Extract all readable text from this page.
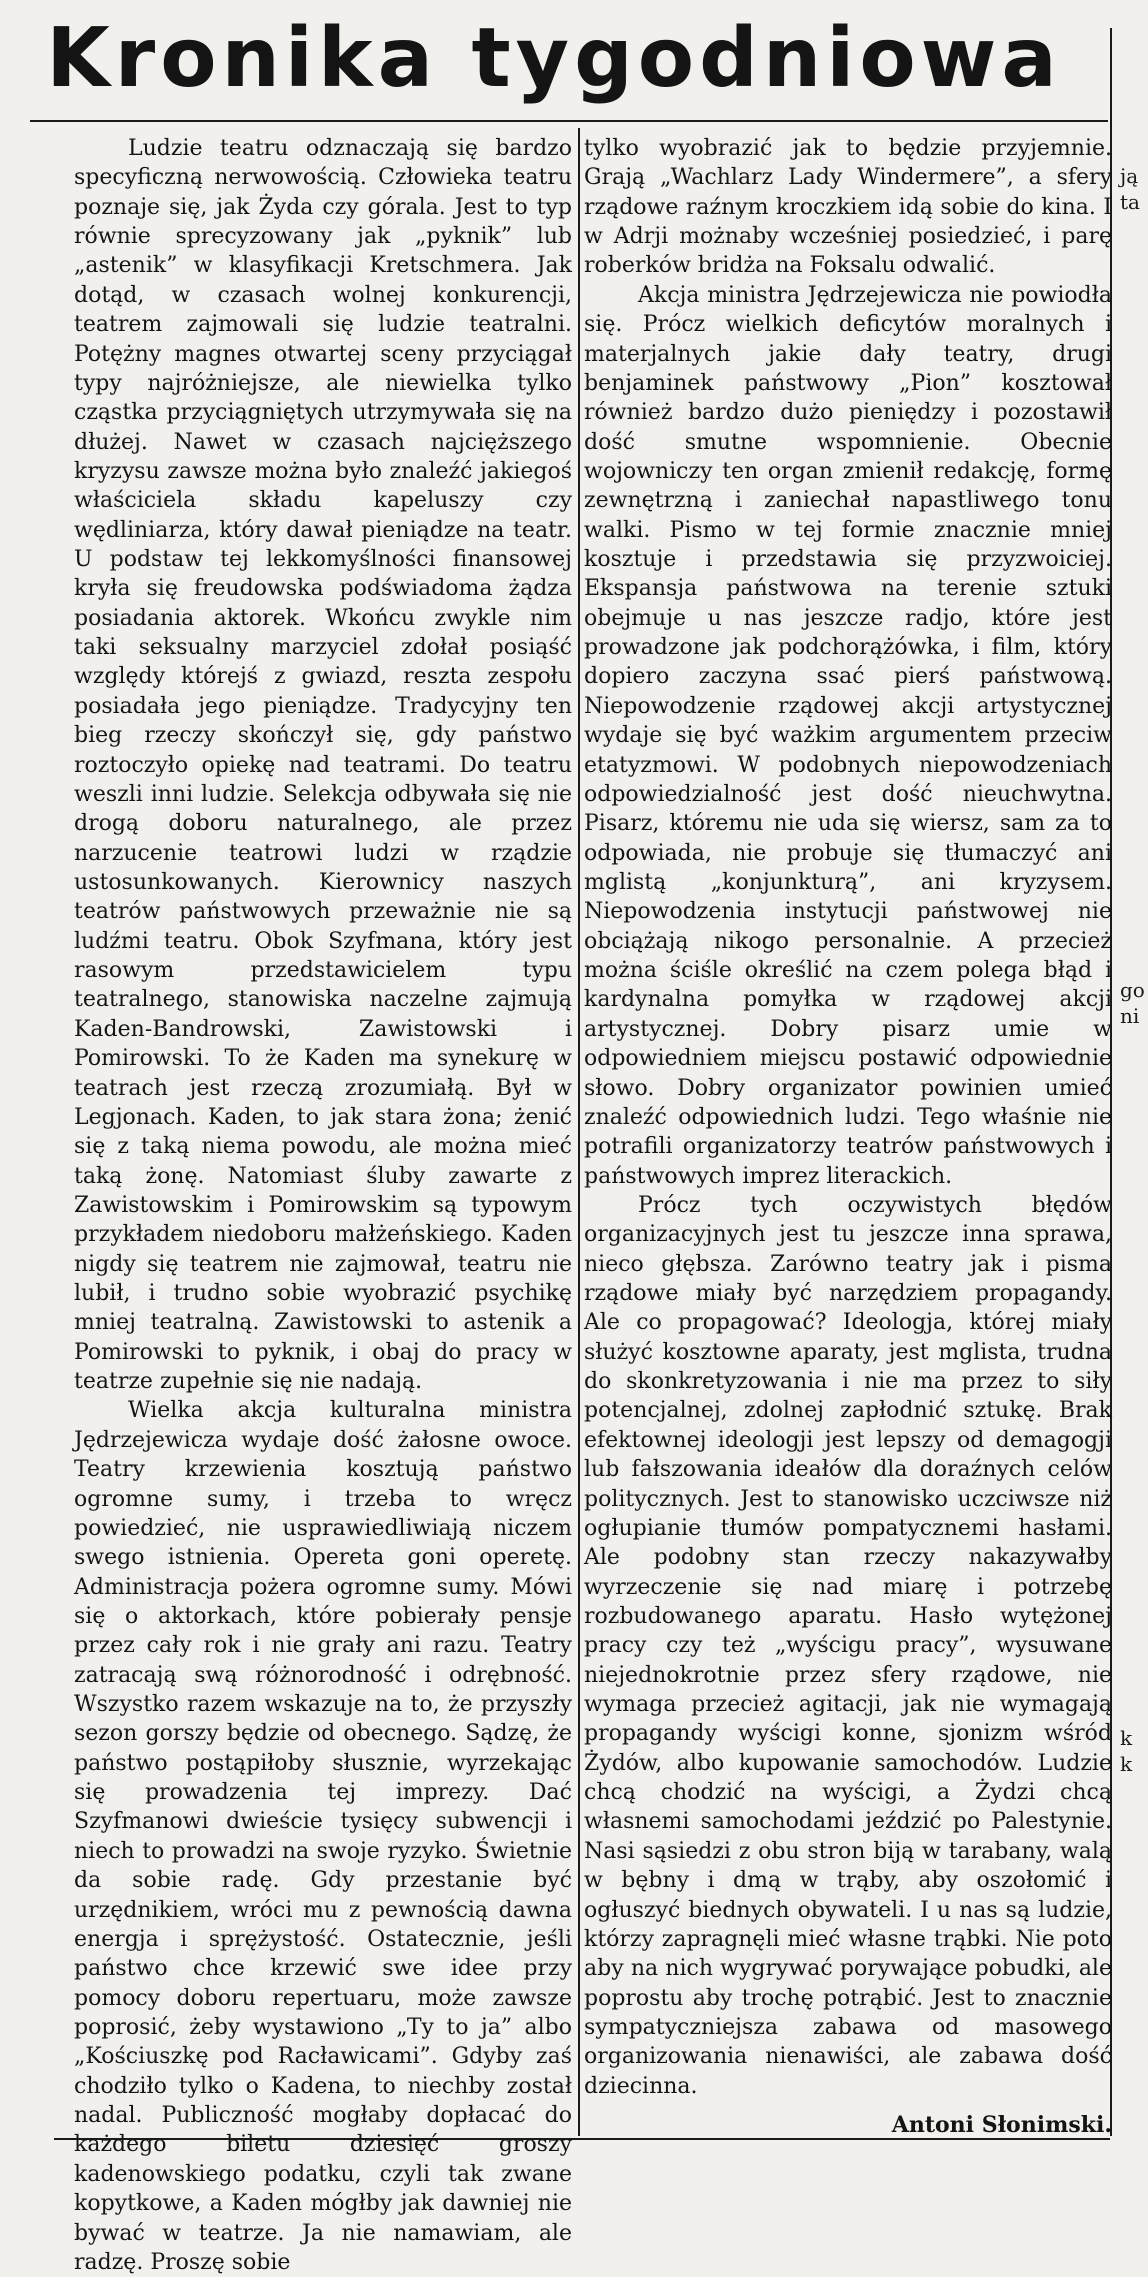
Kronika tygodniowa

Ludzie teatru odznaczają się bardzo specyficzną nerwowością. Człowieka teatru poznaje się, jak Żyda czy górala. Jest to typ równie sprecyzowany jak „pyknik” lub „astenik” w klasyfikacji Kretschmera. Jak dotąd, w czasach wolnej konkurencji, teatrem zajmowali się ludzie teatralni. Potężny magnes otwartej sceny przyciągał typy najróżniejsze, ale niewielka tylko cząstka przyciągniętych utrzymywała się na dłużej. Nawet w czasach najcięższego kryzysu zawsze można było znaleźć jakiegoś właściciela składu kapeluszy czy wędliniarza, który dawał pieniądze na teatr. U podstaw tej lekkomyślności finansowej kryła się freudowska podświadoma żądza posiadania aktorek. Wkońcu zwykle nim taki seksualny marzyciel zdołał posiąść względy którejś z gwiazd, reszta zespołu posiadała jego pieniądze. Tradycyjny ten bieg rzeczy skończył się, gdy państwo roztoczyło opiekę nad teatrami. Do teatru weszli inni ludzie. Selekcja odbywała się nie drogą doboru naturalnego, ale przez narzucenie teatrowi ludzi w rządzie ustosunkowanych. Kierownicy naszych teatrów państwowych przeważnie nie są ludźmi teatru. Obok Szyfmana, który jest rasowym przedstawicielem typu teatralnego, stanowiska naczelne zajmują Kaden-Bandrowski, Zawistowski i Pomirowski. To że Kaden ma synekurę w teatrach jest rzeczą zrozumiałą. Był w Legjonach. Kaden, to jak stara żona; żenić się z taką niema powodu, ale można mieć taką żonę. Natomiast śluby zawarte z Zawistowskim i Pomirowskim są typowym przykładem niedoboru małżeńskiego. Kaden nigdy się teatrem nie zajmował, teatru nie lubił, i trudno sobie wyobrazić psychikę mniej teatralną. Zawistowski to astenik a Pomirowski to pyknik, i obaj do pracy w teatrze zupełnie się nie nadają.

Wielka akcja kulturalna ministra Jędrzejewicza wydaje dość żałosne owoce. Teatry krzewienia kosztują państwo ogromne sumy, i trzeba to wręcz powiedzieć, nie usprawiedliwiają niczem swego istnienia. Operetа goni operetę. Administracja pożera ogromne sumy. Mówi się o aktorkach, które pobierały pensje przez cały rok i nie grały ani razu. Teatry zatracają swą różnorodność i odrębność. Wszystko razem wskazuje na to, że przyszły sezon gorszy będzie od obecnego. Sądzę, że państwo postąpiłoby słusznie, wyrzekając się prowadzenia tej imprezy. Dać Szyfmanowi dwieście tysięcy subwencji i niech to prowadzi na swoje ryzyko. Świetnie da sobie radę. Gdy przestanie być urzędnikiem, wróci mu z pewnością dawna energja i sprężystość. Ostatecznie, jeśli państwo chce krzewić swe idee przy pomocy doboru repertuaru, może zawsze poprosić, żeby wystawiono „Ty to ja” albo „Kościuszkę pod Racławicami”. Gdyby zaś chodziło tylko o Kadena, to niechby został nadal. Publiczność mogłaby dopłacać do każdego biletu dziesięć groszy kadenowskiego podatku, czyli tak zwane kopytkowe, a Kaden mógłby jak dawniej nie bywać w teatrze. Ja nie namawiam, ale radzę. Proszę sobie

tylko wyobrazić jak to będzie przyjemnie. Grają „Wachlarz Lady Windermere”, a sfery rządowe raźnym kroczkiem idą sobie do kina. I w Adrji możnaby wcześniej posiedzieć, i parę roberków bridża na Foksalu odwalić.

Akcja ministra Jędrzejewicza nie powiodła się. Prócz wielkich deficytów moralnych i materjalnych jakie dały teatry, drugi benjaminek państwowy „Pion” kosztował również bardzo dużo pieniędzy i pozostawił dość smutne wspomnienie. Obecnie wojowniczy ten organ zmienił redakcję, formę zewnętrzną i zaniechał napastliwego tonu walki. Pismo w tej formie znacznie mniej kosztuje i przedstawia się przyzwoiciej. Ekspansja państwowa na terenie sztuki obejmuje u nas jeszcze radjo, które jest prowadzone jak podchorążówka, i film, który dopiero zaczyna ssać pierś państwową. Niepowodzenie rządowej akcji artystycznej wydaje się być ważkim argumentem przeciw etatyzmowi. W podobnych niepowodzeniach odpowiedzialność jest dość nieuchwytna. Pisarz, któremu nie uda się wiersz, sam za to odpowiada, nie probuje się tłumaczyć ani mglistą „konjunkturą”, ani kryzysem. Niepowodzenia instytucji państwowej nie obciążają nikogo personalnie. A przecież można ściśle określić na czem polega błąd i kardynalna pomyłka w rządowej akcji artystycznej. Dobry pisarz umie w odpowiedniem miejscu postawić odpowiednie słowo. Dobry organizator powinien umieć znaleźć odpowiednich ludzi. Tego właśnie nie potrafili organizatorzy teatrów państwowych i państwowych imprez literackich.

Prócz tych oczywistych błędów organizacyjnych jest tu jeszcze inna sprawa, nieco głębsza. Zarówno teatry jak i pisma rządowe miały być narzędziem propagandy. Ale co propagować? Ideologja, której miały służyć kosztowne aparaty, jest mglista, trudna do skonkretyzowania i nie ma przez to siły potencjalnej, zdolnej zapłodnić sztukę. Brak efektownej ideologji jest lepszy od demagogji lub fałszowania ideałów dla doraźnych celów politycznych. Jest to stanowisko uczciwsze niż ogłupianie tłumów pompatycznemi hasłami. Ale podobny stan rzeczy nakazywałby wyrzeczenie się nad miarę i potrzebę rozbudowanego aparatu. Hasło wytężonej pracy czy też „wyścigu pracy”, wysuwane niejednokrotnie przez sfery rządowe, nie wymaga przecież agitacji, jak nie wymagają propagandy wyścigi konne, sjonizm wśród Żydów, albo kupowanie samochodów. Ludzie chcą chodzić na wyścigi, a Żydzi chcą własnemi samochodami jeździć po Palestynie. Nasi sąsiedzi z obu stron biją w tarabany, walą w bębny i dmą w trąby, aby oszołomić i ogłuszyć biednych obywateli. I u nas są ludzie, którzy zapragnęli mieć własne trąbki. Nie poto aby na nich wygrywać porywające pobudki, ale poprostu aby trochę potrąbić. Jest to znacznie sympatyczniejsza zabawa od masowego organizowania nienawiści, ale zabawa dość dziecinna.

Antoni Słonimski.

ją
ta
go
ni
k
k
